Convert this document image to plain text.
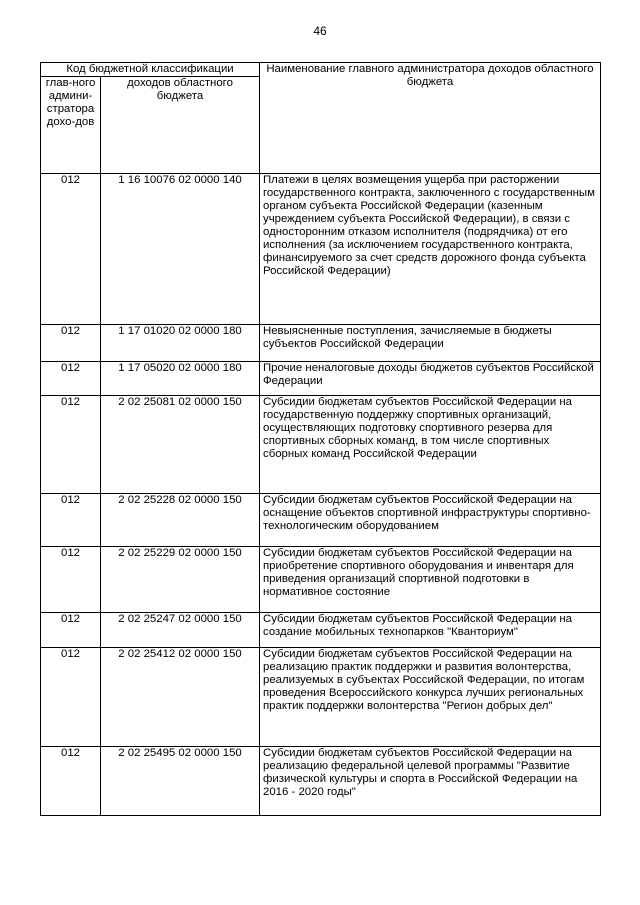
46
Код бюджетной классификации		Наименование главного администратора доходов областного бюджета
глав-ного админи-стратора дохо-дов	доходов областного бюджета	
012	1 16 10076 02 0000 140	Платежи в целях возмещения ущерба при расторжении государственного контракта, заключенного с государственным органом субъекта Российской Федерации (казенным учреждением субъекта Российской Федерации), в связи с односторонним отказом исполнителя (подрядчика) от его исполнения (за исключением государственного контракта, финансируемого за счет средств дорожного фонда субъекта Российской Федерации)
012	1 17 01020 02 0000 180	Невыясненные поступления, зачисляемые в бюджеты субъектов Российской Федерации
012	1 17 05020 02 0000 180	Прочие неналоговые доходы бюджетов субъектов Российской Федерации
012	2 02 25081 02 0000 150	Субсидии бюджетам субъектов Российской Федерации на государственную поддержку спортивных организаций, осуществляющих подготовку спортивного резерва для спортивных сборных команд, в том числе спортивных сборных команд Российской Федерации
012	2 02 25228 02 0000 150	Субсидии бюджетам субъектов Российской Федерации на оснащение объектов спортивной инфраструктуры спортивно-технологическим оборудованием
012	2 02 25229 02 0000 150	Субсидии бюджетам субъектов Российской Федерации на приобретение спортивного оборудования и инвентаря для приведения организаций спортивной подготовки в нормативное состояние
012	2 02 25247 02 0000 150	Субсидии бюджетам субъектов Российской Федерации на создание мобильных технопарков "Кванториум"
012	2 02 25412 02 0000 150	Субсидии бюджетам субъектов Российской Федерации на реализацию практик поддержки и развития волонтерства, реализуемых в субъектах Российской Федерации, по итогам проведения Всероссийского конкурса лучших региональных практик поддержки волонтерства "Регион добрых дел"
012	2 02 25495 02 0000 150	Субсидии бюджетам субъектов Российской Федерации на реализацию федеральной целевой программы "Развитие физической культуры и спорта в Российской Федерации на 2016 - 2020 годы"
